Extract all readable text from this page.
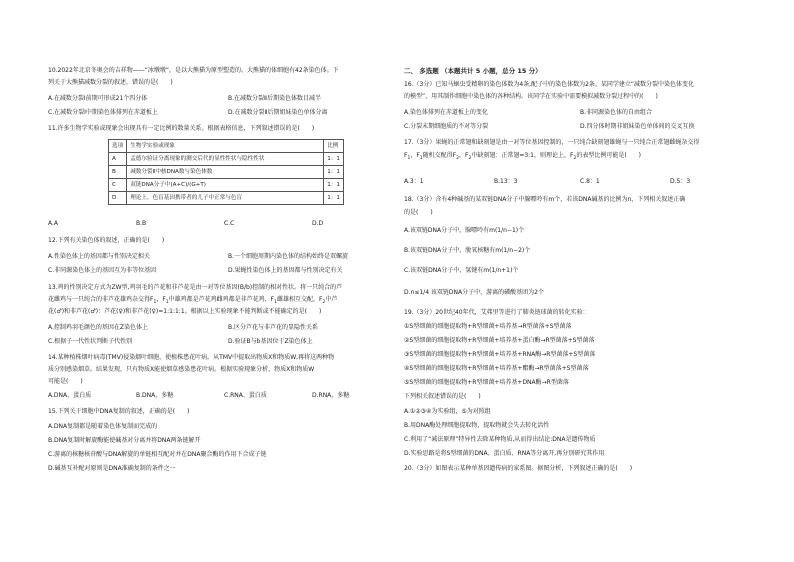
10.2022年北京冬奥会的吉祥物——“冰墩墩”，是以大熊猫为原型塑造的。大熊猫的体细胞有42条染色体。下
列关于大熊猫减数分裂的叙述，错误的是(　　)
A.在减数分裂Ⅰ前期可形成21个四分体	B.在减数分裂Ⅱ后期染色体数目减半
C.在减数分裂Ⅰ中期染色体排列在赤道板上	D.在减数分裂Ⅱ后期姐妹染色单体分离
11.许多生物学实验或现象会出现具有一定比例的数量关系。根据表格信息，下列叙述错误的是(　　)
选项	生物学实验或现象	比例
A	孟德尔验证分离现象的测交后代的显性性状与隐性性状	1：1
B	减数分裂Ⅱ中核DNA数与染色体数	1：1
C	双链DNA分子中(A+C)/(G+T)	1：1
D	理论上，色盲基因携带者的儿子中正常与色盲	1：1
A.A	B.B	C.C	D.D
12.下列有关染色体的叙述，正确的是(　　)
A.性染色体上的基因都与性别决定相关	B.一个细胞周期内染色体的结构始终是双螺旋
C.非同源染色体上的基因互为非等位基因	D.果蝇性染色体上的基因都与性别决定有关
13.鸡的性别决定方式为ZW型,鸡羽毛的芦花和非芦花是由一对等位基因(B/b)控制的相对性状。将一只纯合的芦
花雌鸡与一只纯合的非芦花雄鸡杂交得$F_1$，$F_1$中雄鸡都是芦花鸡雌鸡都是非芦花鸡，$F_1$雌雄相互交配，$F_2$中芦
花(♂)和非芦花(♂)：芦花(♀)和非芦花(♀)=1:1:1:1。根据以上实验现象不能判断或不能确定的是(　　)
A.控制鸡羽毛颜色的基因在Z染色体上	B.区分芦花与非芦花的显隐性关系
C.根据子一代性状判断子代性别	D.验证B与b基因位于Z染色体上
14.某种植株烟叶病毒(TMV)侵染烟叶细胞，使植株患花叶病。从TMV中提取出物质X和物质W,再将这两种物
质分别感染烟草。结果发现，只有物质X能使烟草感染患花叶病。根据实验现象分析，物质X和物质W
可能是(　　)
A.DNA、蛋白质	B.DNA、多糖	C.RNA、蛋白质	D.RNA、多糖
15.下列关于细胞中DNA复制的叙述，正确的是(　　)
A.DNA复制都是随着染色体复制而完成的
B.DNA复制时解旋酶能使碱基对分离并将DNA两条链解开
C.游离的核糖核苷酸与DNA解旋的单链相互配对并在DNA聚合酶的作用下合成子链
D.碱基互补配对原则是DNA准确复制的条件之一
二、 多选题 （本题共计 5 小题，总分 15 分）
16.（3分）已知马蛔虫受精卵的染色体数为4条,配子中的染色体数为2条。某同学建立“减数分裂中染色体变化
的模型”，用其制作细胞中染色体的各种结构。该同学在实验中需要模拟减数分裂过程中的(　　)
A.染色体排列在赤道板上的变化	B.非同源染色体的自由组合
C.分裂末期细胞质的不对等分裂	D.四分体时期非姐妹染色单体间的交叉互换
17.（3分）果蝇的正常翅和缺刻翅是由一对等位基因控制的，一只纯合缺刻翅雄蝇与一只纯合正常翅雌蝇杂交得
$F_1$，$F_1$随机交配得$F_2$，$F_2$中缺刻翅：正常翅=3:1，则理论上，$F_2$的表型比例可能是(　　)
A.3：1	B.13：3	C.8：1	D.5：3
18.（3分）含有4种碱基的某双链DNA分子中腺嘌呤有m个，若该DNA碱基的比例为n，下列相关叙述正确
的是(　　)
A.该双链DNA分子中，腺嘌呤有m(1/n−1)个
B.该双链DNA分子中，脱氧核糖有m(1/n−2)个
C.该双链DNA分子中，氢键有m(1/n+1)个
D.n≤1/4 该双链DNA分子中，游离的磷酸基团为2个
19.（3分）20世纪40年代，艾弗里等进行了肺炎链球菌的转化实验：
①S型细菌的细胞提取物+R型细菌+培养基→R型菌落+S型菌落
②S型细菌的细胞提取物+R型细菌+培养基+蛋白酶→R型菌落+S型菌落
③S型细菌的细胞提取物+R型细菌+培养基+RNA酶→R型菌落+S型菌落
④S型细菌的细胞提取物+R型细菌+培养基+酯酶→R型菌落+S型菌落
⑤S型细菌的细胞提取物+R型细菌+培养基+DNA酶→R型菌落
下列相关叙述错误的是(　　)
A.①②③④为实验组，⑤为对照组
B.用DNA酶处理细胞提取物，提取物就会失去转化活性
C.利用了“减法原理”特异性去除某种物质,从而得出结论:DNA是遗传物质
D.实验思路是将S型细菌的DNA、蛋白质、RNA等分离开,再分别研究其作用
20.（3分）如图表示某种单基因遗传病的家系图。据图分析，下列叙述正确的是(　　)
